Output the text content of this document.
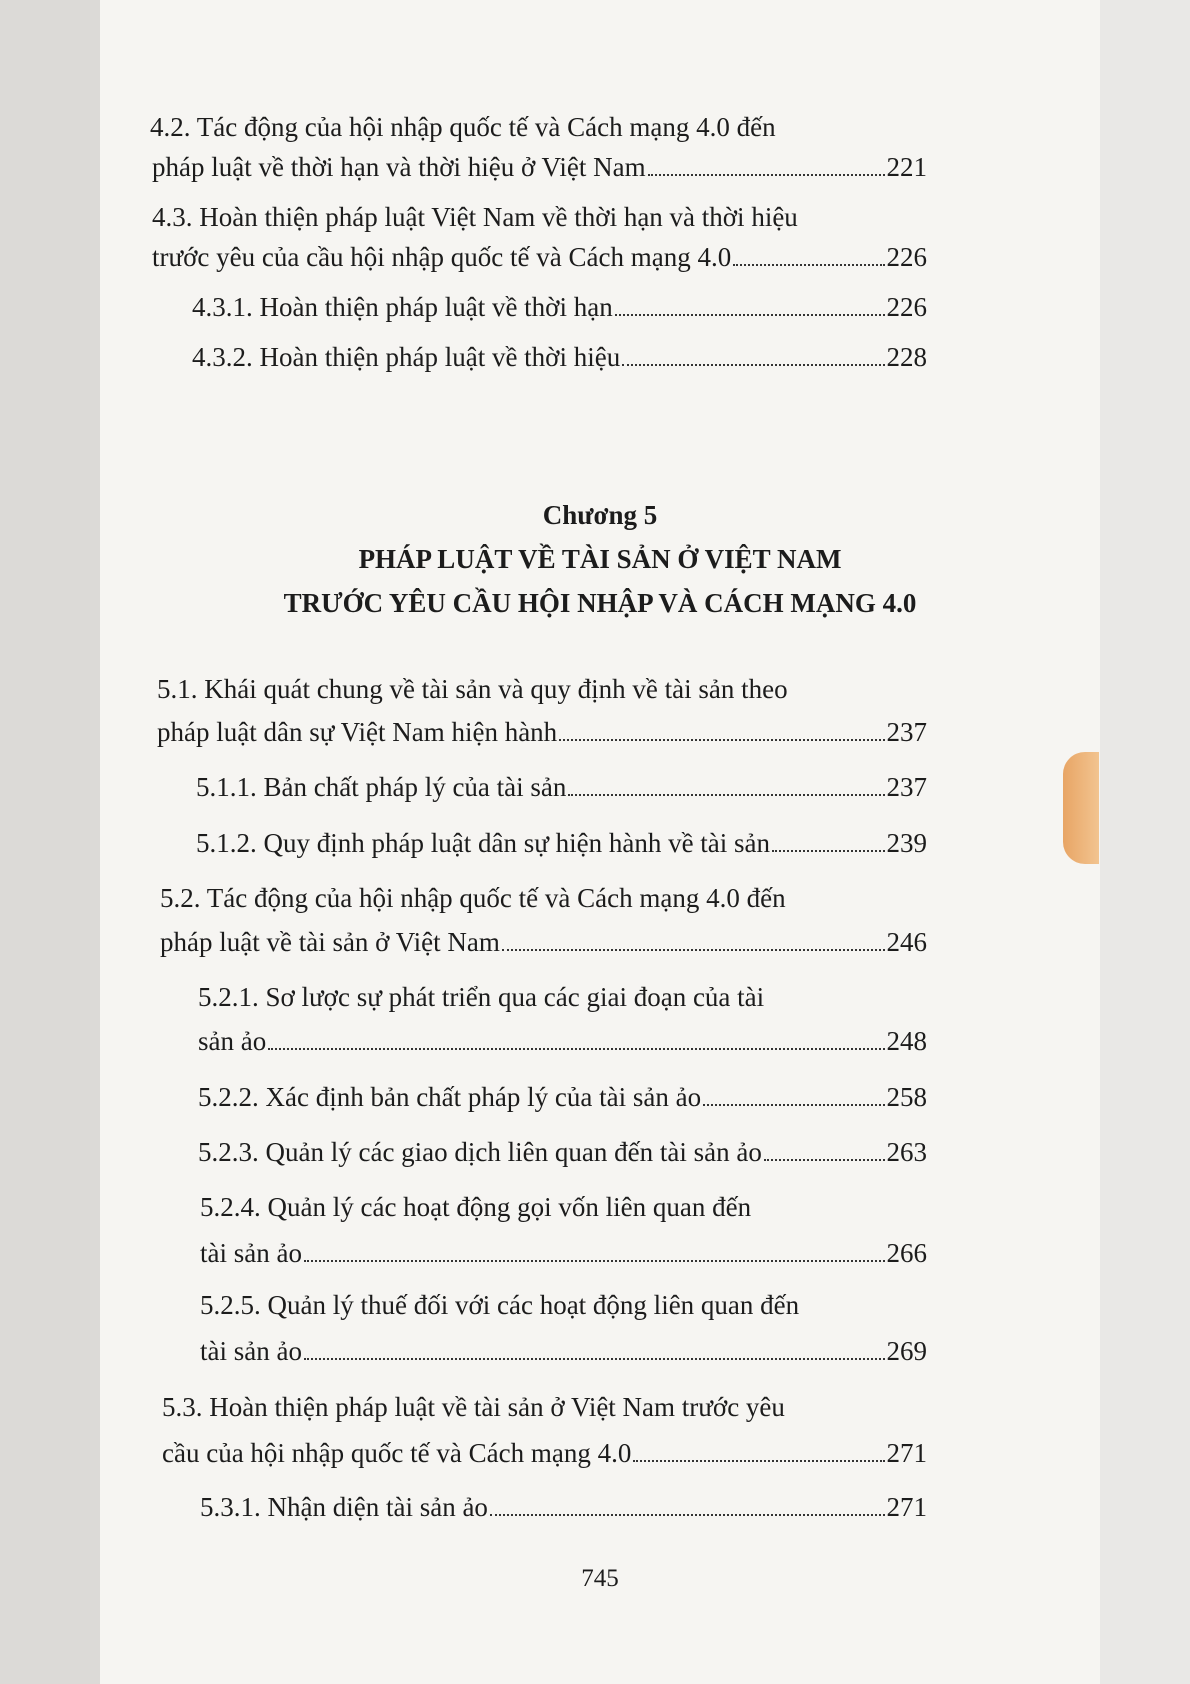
4.2. Tác động của hội nhập quốc tế và Cách mạng 4.0 đến
pháp luật về thời hạn và thời hiệu ở Việt Nam	221
4.3. Hoàn thiện pháp luật Việt Nam về thời hạn và thời hiệu
trước yêu của cầu hội nhập quốc tế và Cách mạng 4.0	226
4.3.1. Hoàn thiện pháp luật về thời hạn	226
4.3.2. Hoàn thiện pháp luật về thời hiệu	228
Chương 5
PHÁP LUẬT VỀ TÀI SẢN Ở VIỆT NAM
TRƯỚC YÊU CẦU HỘI NHẬP VÀ CÁCH MẠNG 4.0
5.1. Khái quát chung về tài sản và quy định về tài sản theo
pháp luật dân sự Việt Nam hiện hành	237
5.1.1. Bản chất pháp lý của tài sản	237
5.1.2. Quy định pháp luật dân sự hiện hành về tài sản	239
5.2. Tác động của hội nhập quốc tế và Cách mạng 4.0 đến
pháp luật về tài sản ở Việt Nam	246
5.2.1. Sơ lược sự phát triển qua các giai đoạn của tài
sản ảo	248
5.2.2. Xác định bản chất pháp lý của tài sản ảo	258
5.2.3. Quản lý các giao dịch liên quan đến tài sản ảo	263
5.2.4. Quản lý các hoạt động gọi vốn liên quan đến
tài sản ảo	266
5.2.5. Quản lý thuế đối với các hoạt động liên quan đến
tài sản ảo	269
5.3. Hoàn thiện pháp luật về tài sản ở Việt Nam trước yêu
cầu của hội nhập quốc tế và Cách mạng 4.0	271
5.3.1. Nhận diện tài sản ảo	271
745
